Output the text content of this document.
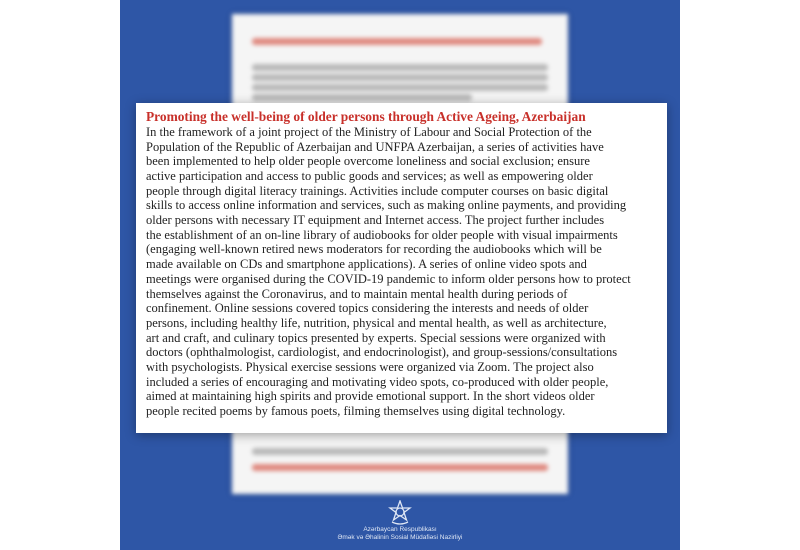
Promoting the well-being of older persons through Active Ageing, Azerbaijan
In the framework of a joint project of the Ministry of Labour and Social Protection of the
Population of the Republic of Azerbaijan and UNFPA Azerbaijan, a series of activities have
been implemented to help older people overcome loneliness and social exclusion; ensure
active participation and access to public goods and services; as well as empowering older
people through digital literacy trainings. Activities include computer courses on basic digital
skills to access online information and services, such as making online payments, and providing
older persons with necessary IT equipment and Internet access. The project further includes
the establishment of an on-line library of audiobooks for older people with visual impairments
(engaging well-known retired news moderators for recording the audiobooks which will be
made available on CDs and smartphone applications). A series of online video spots and
meetings were organised during the COVID-19 pandemic to inform older persons how to protect
themselves against the Coronavirus, and to maintain mental health during periods of
confinement. Online sessions covered topics considering the interests and needs of older
persons, including healthy life, nutrition, physical and mental health, as well as architecture,
art and craft, and culinary topics presented by experts. Special sessions were organized with
doctors (ophthalmologist, cardiologist, and endocrinologist), and group-sessions/consultations
with psychologists. Physical exercise sessions were organized via Zoom. The project also
included a series of encouraging and motivating video spots, co-produced with older people,
aimed at maintaining high spirits and provide emotional support. In the short videos older
people recited poems by famous poets, filming themselves using digital technology.
Azərbaycan Respublikası
Əmək və Əhalinin Sosial Müdafiəsi Nazirliyi
